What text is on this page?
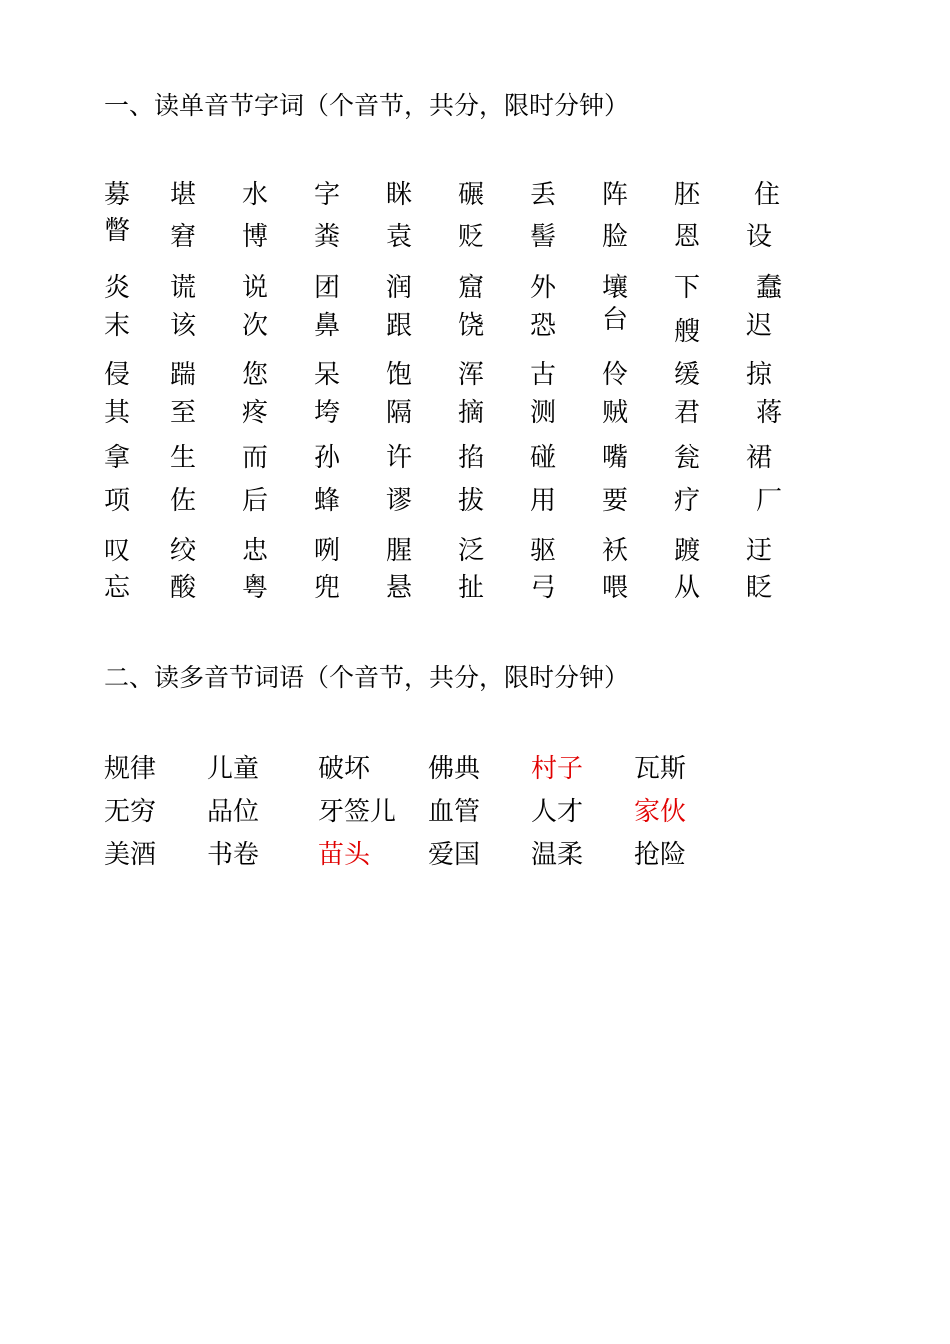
一、读单音节字词（个音节，共分，限时分钟）
募 堪 水 字 眯 碾 丢 阵 胚 住
瞥 窘 博 粪 袁 贬 髻 脸 恩 设
炎 谎 说 团 润 窟 外 壤 下 蠢
末 该 次 鼻 跟 饶 恐 台 艘 迟
侵 踹 您 呆 饱 浑 古 伶 缓 掠
其 至 疼 垮 隔 摘 测 贼 君 蒋
拿 生 而 孙 许 掐 碰 嘴 瓮 裙
项 佐 后 蜂 谬 拔 用 要 疗 厂
叹 绞 忠 咧 腥 泛 驱 袄 踱 迂
忘 酸 粤 兜 悬 扯 弓 喂 从 眨
二、读多音节词语（个音节，共分，限时分钟）
规律 儿童 破坏 佛典 村子 瓦斯
无穷 品位 牙签儿 血管 人才 家伙
美酒 书卷 苗头 爱国 温柔 抢险
